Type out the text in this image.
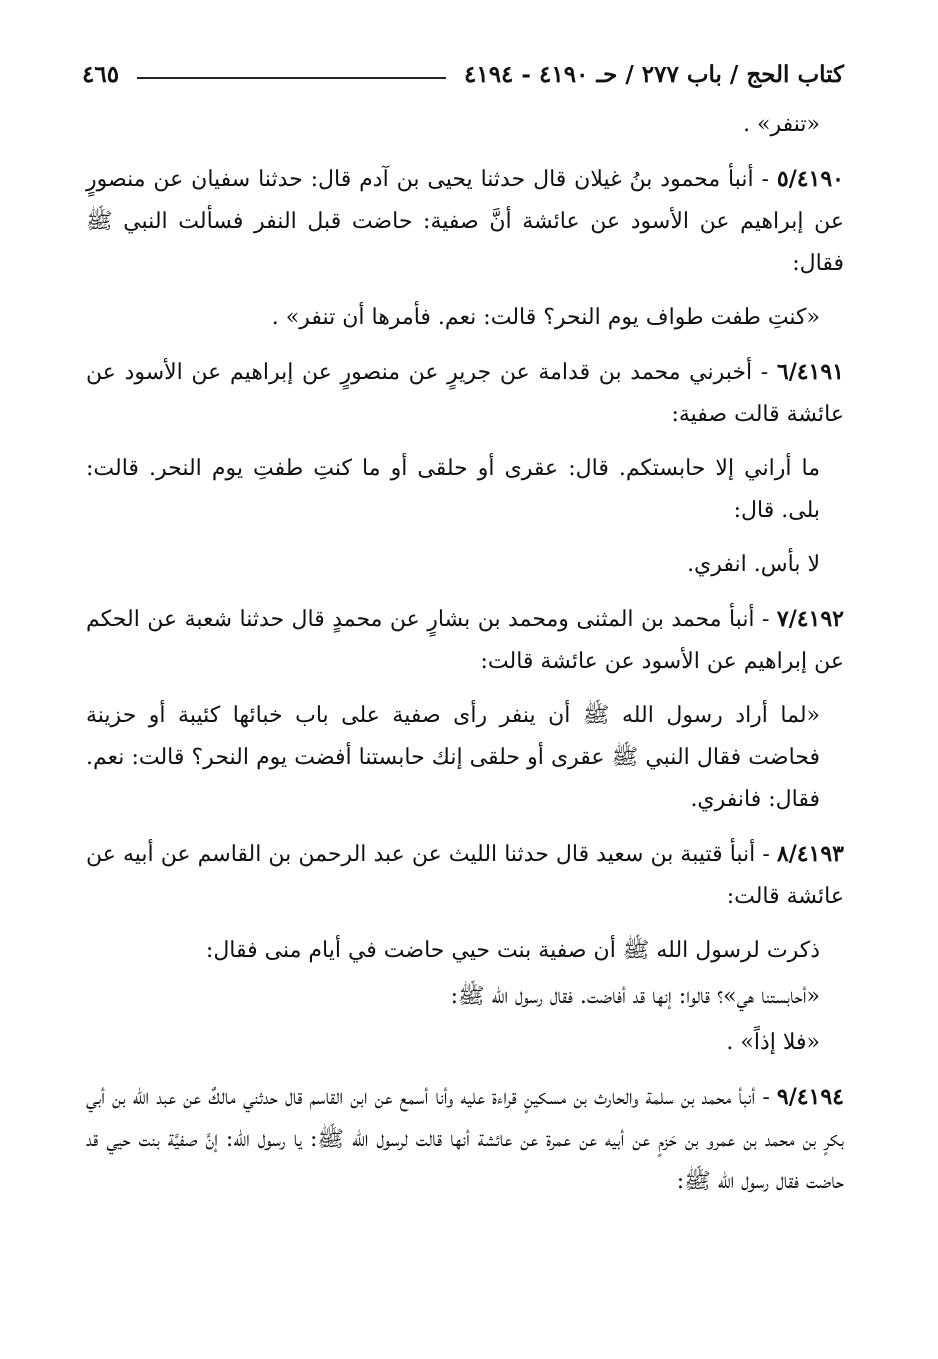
كتاب الحج / باب ٢٧٧ / حـ ٤١٩٠ - ٤١٩٤
٤٦٥

«تنفر» .

٥/٤١٩٠ - أنبأ محمود بنُ غيلان قال حدثنا يحيى بن آدم قال: حدثنا سفيان عن منصورٍ عن إبراهيم عن الأسود عن عائشة أنَّ صفية: حاضت قبل النفر فسألت النبي ﷺ فقال:

«كنتِ طفت طواف يوم النحر؟ قالت: نعم. فأمرها أن تنفر» .

٦/٤١٩١ - أخبرني محمد بن قدامة عن جريرٍ عن منصورٍ عن إبراهيم عن الأسود عن عائشة قالت صفية:

ما أراني إلا حابستكم. قال: عقرى أو حلقى أو ما كنتِ طفتِ يوم النحر. قالت: بلى. قال:

لا بأس. انفري.

٧/٤١٩٢ - أنبأ محمد بن المثنى ومحمد بن بشارٍ عن محمدٍ قال حدثنا شعبة عن الحكم عن إبراهيم عن الأسود عن عائشة قالت:

«لما أراد رسول الله ﷺ أن ينفر رأى صفية على باب خبائها كئيبة أو حزينة فحاضت فقال النبي ﷺ عقرى أو حلقى إنك حابستنا أفضت يوم النحر؟ قالت: نعم. فقال: فانفري.

٨/٤١٩٣ - أنبأ قتيبة بن سعيد قال حدثنا الليث عن عبد الرحمن بن القاسم عن أبيه عن عائشة قالت:

ذكرت لرسول الله ﷺ أن صفية بنت حيي حاضت في أيام منى فقال:

«أحابستنا هي»؟ قالوا: إنها قد أفاضت. فقال رسول الله ﷺ:

«فلا إذاً» .

٩/٤١٩٤ - أنبأ محمد بن سلمة والحارث بن مسكينٍ قراءة عليه وأنا أسمع عن ابن القاسم قال حدثني مالكٌ عن عبد الله بن أبي بكرٍ بن محمد بن عمرو بن حَزمٍ عن أبيه عن عمرة عن عائشة أنها قالت لرسول الله ﷺ: يا رسول الله: إنَّ صفيَّة بنت حيي قد حاضت فقال رسول الله ﷺ:
